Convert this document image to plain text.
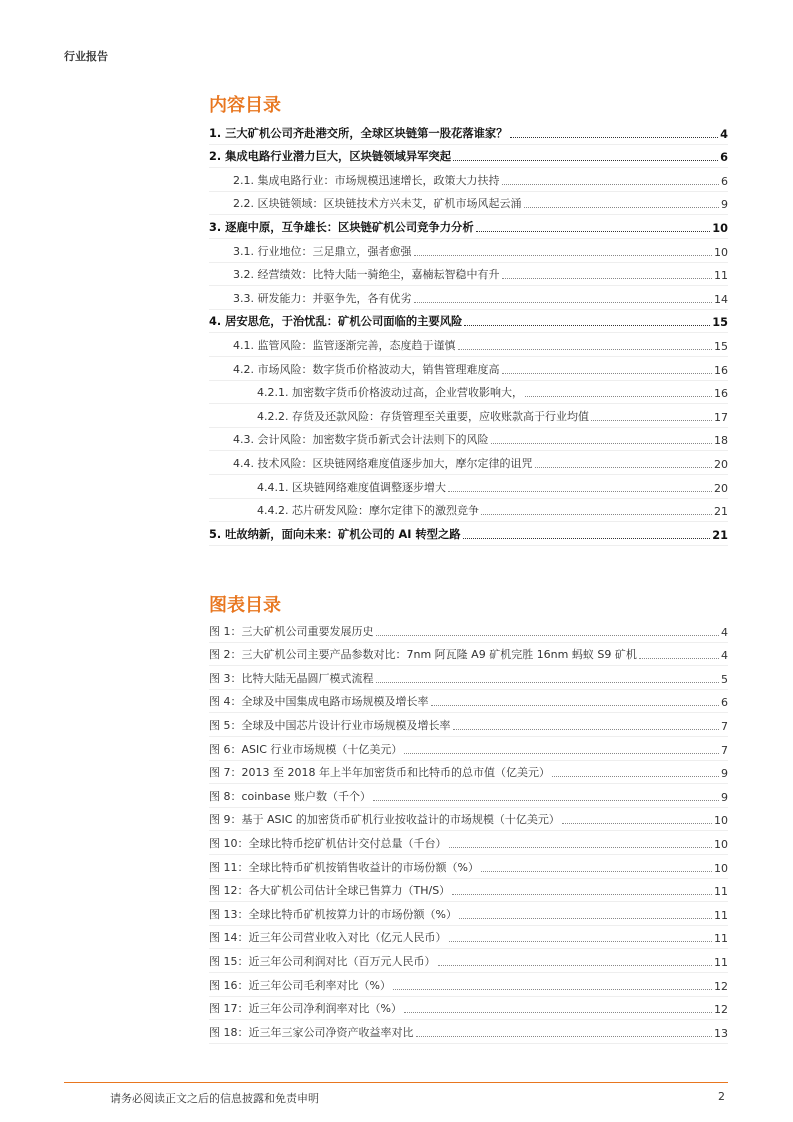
行业报告
内容目录
1. 三大矿机公司齐赴港交所，全球区块链第一股花落谁家？	4
2. 集成电路行业潜力巨大，区块链领域异军突起	6
2.1. 集成电路行业：市场规模迅速增长，政策大力扶持	6
2.2. 区块链领域：区块链技术方兴未艾，矿机市场风起云涌	9
3. 逐鹿中原，互争雄长：区块链矿机公司竞争力分析	10
3.1. 行业地位：三足鼎立，强者愈强	10
3.2. 经营绩效：比特大陆一骑绝尘，嘉楠耘智稳中有升	11
3.3. 研发能力：并驱争先，各有优劣	14
4. 居安思危，于治忧乱：矿机公司面临的主要风险	15
4.1. 监管风险：监管逐渐完善，态度趋于谨慎	15
4.2. 市场风险：数字货币价格波动大，销售管理难度高	16
4.2.1. 加密数字货币价格波动过高，企业营收影响大，	16
4.2.2. 存货及还款风险：存货管理至关重要，应收账款高于行业均值	17
4.3. 会计风险：加密数字货币新式会计法则下的风险	18
4.4. 技术风险：区块链网络难度值逐步加大，摩尔定律的诅咒	20
4.4.1. 区块链网络难度值调整逐步增大	20
4.4.2. 芯片研发风险：摩尔定律下的激烈竞争	21
5. 吐故纳新，面向未来：矿机公司的 AI 转型之路	21
图表目录
图 1：三大矿机公司重要发展历史	4
图 2：三大矿机公司主要产品参数对比：7nm 阿瓦隆 A9 矿机完胜 16nm 蚂蚁 S9 矿机	4
图 3：比特大陆无晶圆厂模式流程	5
图 4：全球及中国集成电路市场规模及增长率	6
图 5：全球及中国芯片设计行业市场规模及增长率	7
图 6：ASIC 行业市场规模（十亿美元）	7
图 7：2013 至 2018 年上半年加密货币和比特币的总市值（亿美元）	9
图 8：coinbase 账户数（千个）	9
图 9：基于 ASIC 的加密货币矿机行业按收益计的市场规模（十亿美元）	10
图 10：全球比特币挖矿机估计交付总量（千台）	10
图 11：全球比特币矿机按销售收益计的市场份额（%）	10
图 12：各大矿机公司估计全球已售算力（TH/S）	11
图 13：全球比特币矿机按算力计的市场份额（%）	11
图 14：近三年公司营业收入对比（亿元人民币）	11
图 15：近三年公司利润对比（百万元人民币）	11
图 16：近三年公司毛利率对比（%）	12
图 17：近三年公司净利润率对比（%）	12
图 18：近三年三家公司净资产收益率对比	13
请务必阅读正文之后的信息披露和免责申明	2
